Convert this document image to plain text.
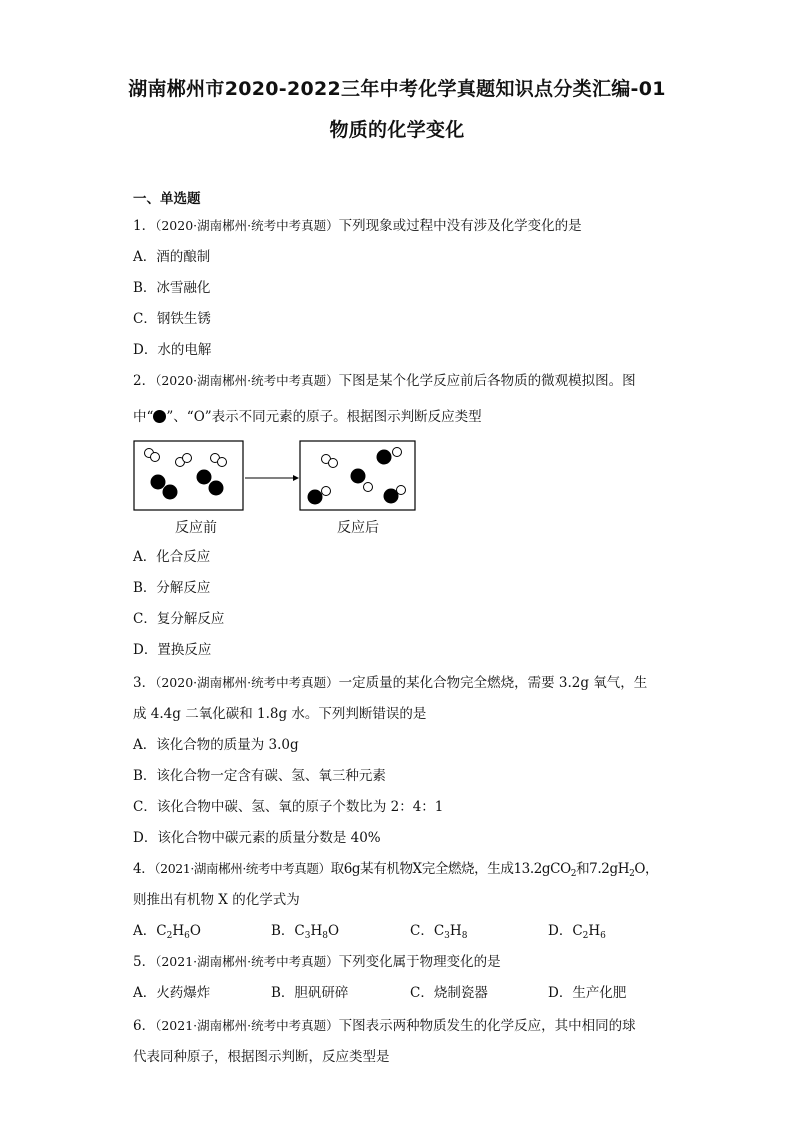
湖南郴州市2020-2022三年中考化学真题知识点分类汇编-01
物质的化学变化
一、单选题
1．（2020·湖南郴州·统考中考真题）下列现象或过程中没有涉及化学变化的是
A．酒的酿制
B．冰雪融化
C．钢铁生锈
D．水的电解
2．（2020·湖南郴州·统考中考真题）下图是某个化学反应前后各物质的微观模拟图。图
中“ ”、“O”表示不同元素的原子。根据图示判断反应类型
反应前	反应后
A．化合反应
B．分解反应
C．复分解反应
D．置换反应
3．（2020·湖南郴州·统考中考真题）一定质量的某化合物完全燃烧，需要 3.2g 氧气，生
成 4.4g 二氧化碳和 1.8g 水。下列判断错误的是
A．该化合物的质量为 3.0g
B．该化合物一定含有碳、氢、氧三种元素
C．该化合物中碳、氢、氧的原子个数比为 2：4：1
D．该化合物中碳元素的质量分数是 40%
4．（2021·湖南郴州·统考中考真题）取6g某有机物X完全燃烧，生成13.2gCO$_2$和$7.2gH_2O$，
则推出有机物 X 的化学式为
A．$C_2H_6O$	B．$C_3H_8O$	C．$C_3H_8$	D．$C_2H_6$
5．（2021·湖南郴州·统考中考真题）下列变化属于物理变化的是
A．火药爆炸	B．胆矾研碎	C．烧制瓷器	D．生产化肥
6．（2021·湖南郴州·统考中考真题）下图表示两种物质发生的化学反应，其中相同的球
代表同种原子，根据图示判断，反应类型是
